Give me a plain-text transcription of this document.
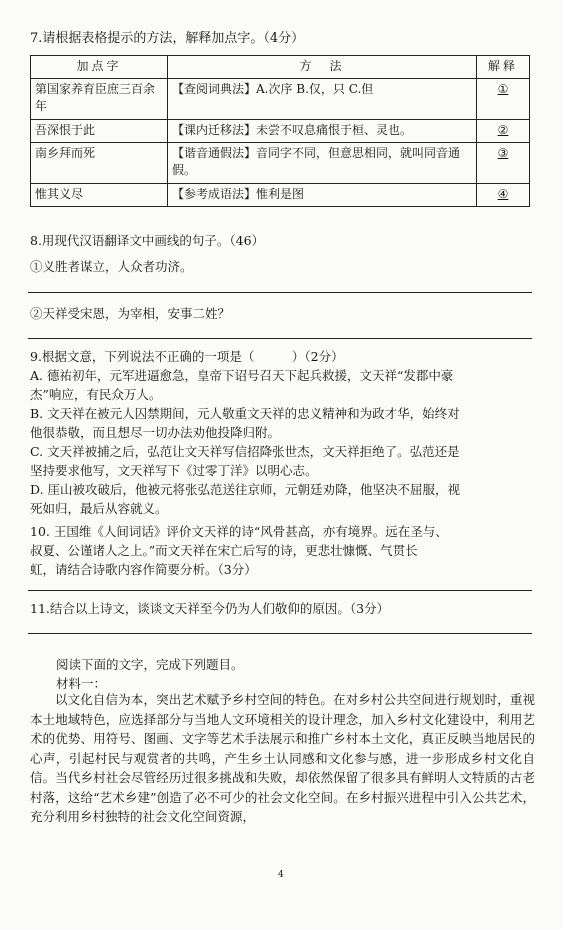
7.请根据表格提示的方法，解释加点字。（4分）
加点字	方　法	解释
第国家养育臣庶三百余年	【查阅词典法】A.次序 B.仅，只 C.但	①
吾深恨于此	【课内迁移法】未尝不叹息痛恨于桓、灵也。	②
南乡拜而死	【谐音通假法】音同字不同，但意思相同，就叫同音通假。	③
惟其义尽	【参考成语法】惟利是图	④
8.用现代汉语翻译文中画线的句子。（46）
①义胜者谋立，人众者功济。
②天祥受宋恩，为宰相，安事二姓？
9.根据文意，下列说法不正确的一项是（　　　）（2分）
A. 德祐初年，元军进逼愈急，皇帝下诏号召天下起兵救援，文天祥“发郡中豪
杰”响应，有民众万人。
B. 文天祥在被元人囚禁期间，元人敬重文天祥的忠义精神和为政才华，始终对
他很恭敬，而且想尽一切办法劝他投降归附。
C. 文天祥被捕之后，弘范让文天祥写信招降张世杰，文天祥拒绝了。弘范还是
坚持要求他写，文天祥写下《过零丁洋》以明心志。
D. 厓山被攻破后，他被元将张弘范送往京师，元朝廷劝降，他坚决不屈服，视
死如归，最后从容就义。
10. 王国维《人间词话》评价文天祥的诗“风骨甚高，亦有境界。远在圣与、
叔夏、公谨诸人之上。”而文天祥在宋亡后写的诗，更悲壮慷慨、气贯长
虹，请结合诗歌内容作简要分析。（3分）
11.结合以上诗文，谈谈文天祥至今仍为人们敬仰的原因。（3分）
阅读下面的文字，完成下列题目。
材料一：

以文化自信为本，突出艺术赋予乡村空间的特色。在对乡村公共空间进行规划时，重视本土地域特色，应选择部分与当地人文环境相关的设计理念，加入乡村文化建设中，利用艺术的优势、用符号、图画、文字等艺术手法展示和推广乡村本土文化，真正反映当地居民的心声，引起村民与观赏者的共鸣，产生乡土认同感和文化参与感，进一步形成乡村文化自信。当代乡村社会尽管经历过很多挑战和失败，却依然保留了很多具有鲜明人文特质的古老村落，这给“艺术乡建”创造了必不可少的社会文化空间。在乡村振兴进程中引入公共艺术，充分利用乡村独特的社会文化空间资源，

4
